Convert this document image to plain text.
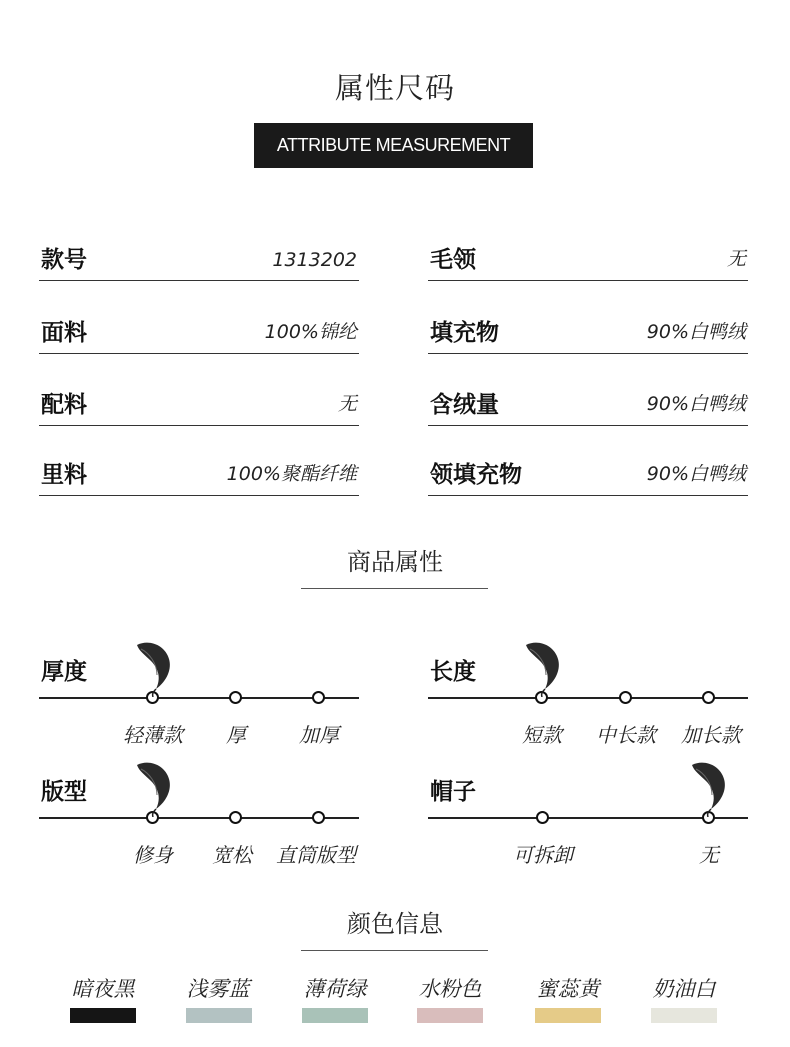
属性尺码
ATTRIBUTE MEASUREMENT
款号	1313202	毛领	无
面料	100%锦纶	填充物	90%白鸭绒
配料	无	含绒量	90%白鸭绒
里料	100%聚酯纤维	领填充物	90%白鸭绒
商品属性
厚度
轻薄款 厚	加厚
长度
短款 中长款 加长款
版型
修身 宽松 直筒版型
帽子
可拆卸	无
颜色信息
暗夜黑 浅雾蓝	薄荷绿 水粉色	蜜蕊黄	奶油白
